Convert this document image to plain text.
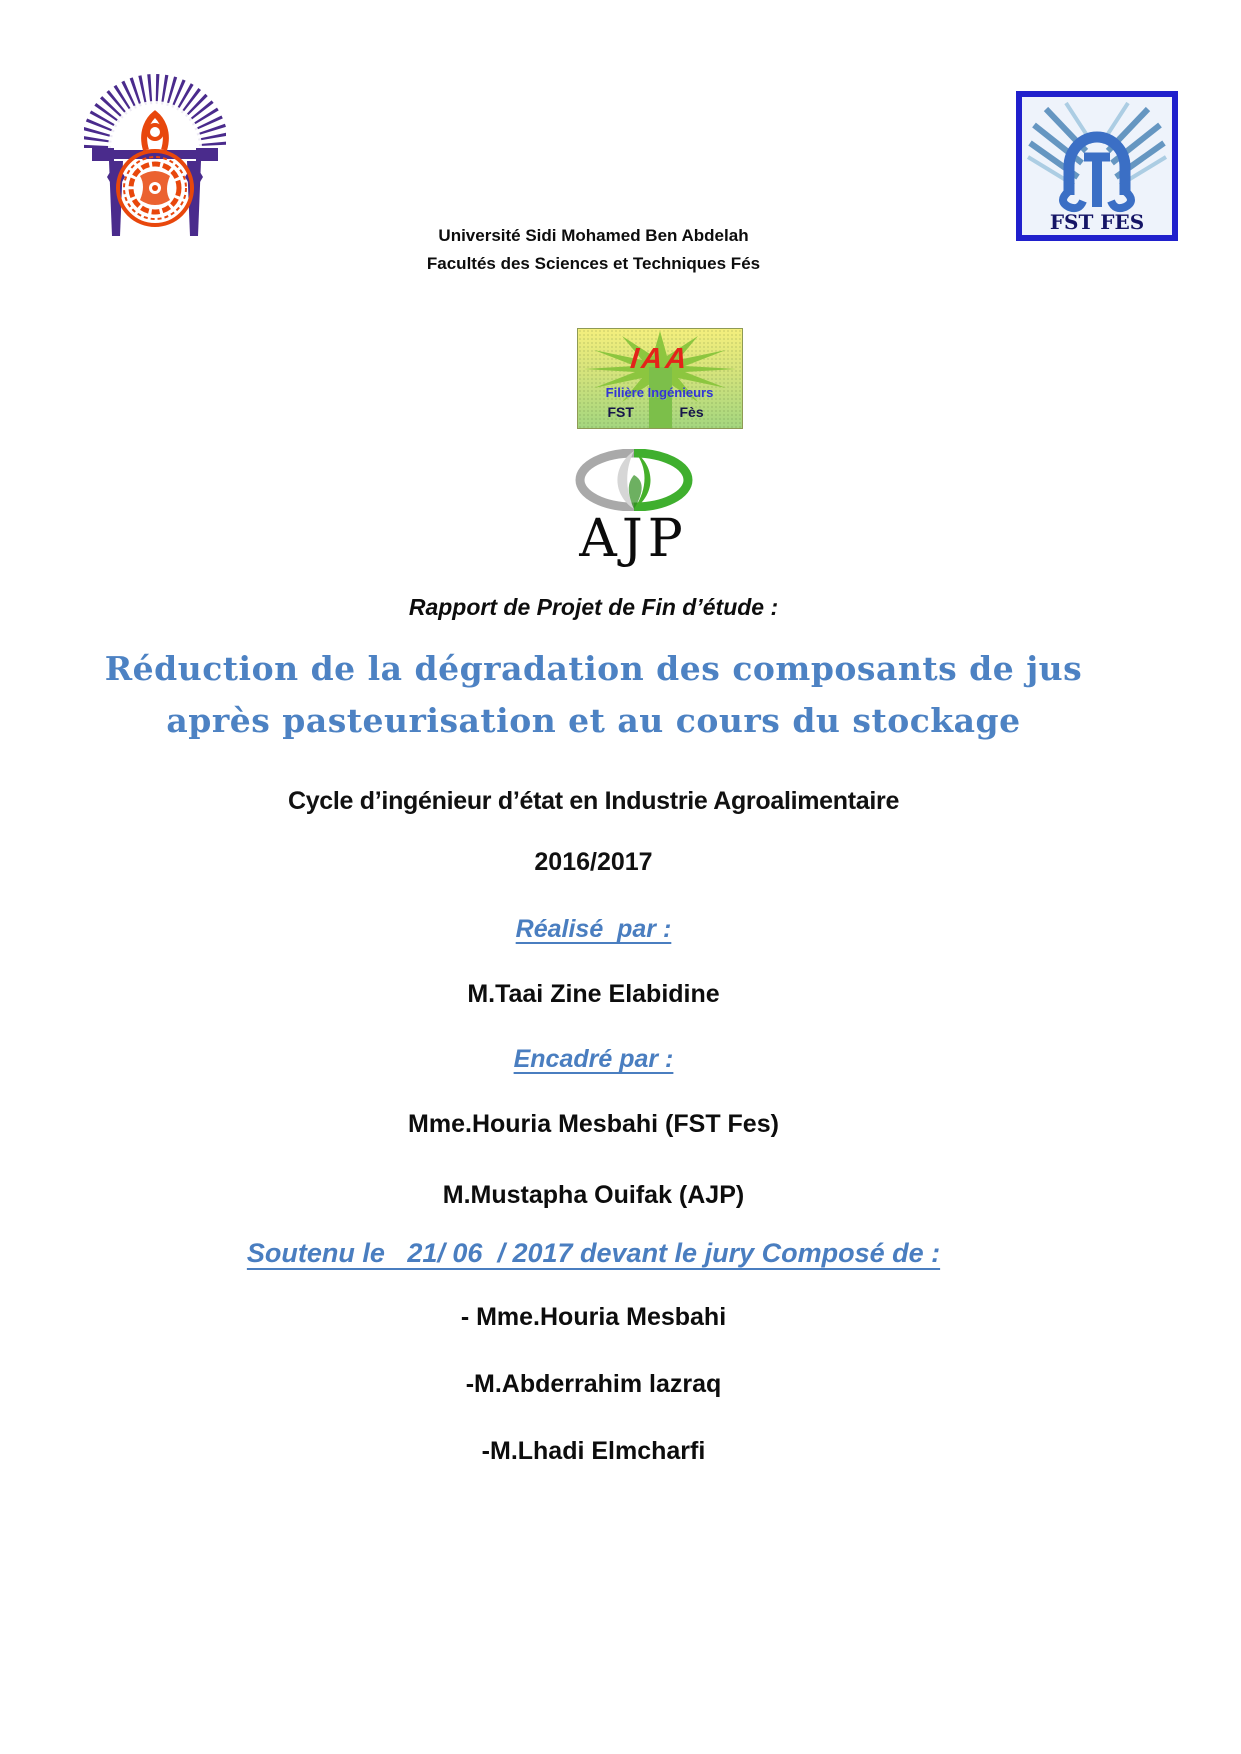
FST FES
Université Sidi Mohamed Ben Abdelah
Facultés des Sciences et Techniques Fés
IAA
Filière Ingénieurs
FST	Fès
AJP
Rapport de Projet de Fin d’étude :
Réduction de la dégradation des composants de jus
après pasteurisation et au cours du stockage
Cycle d’ingénieur d’état en Industrie Agroalimentaire
2016/2017
Réalisé  par :
M.Taai Zine Elabidine
Encadré par :
Mme.Houria Mesbahi (FST Fes)
M.Mustapha Ouifak (AJP)
Soutenu le   21/ 06  / 2017 devant le jury Composé de :
- Mme.Houria Mesbahi
-M.Abderrahim lazraq
-M.Lhadi Elmcharfi
